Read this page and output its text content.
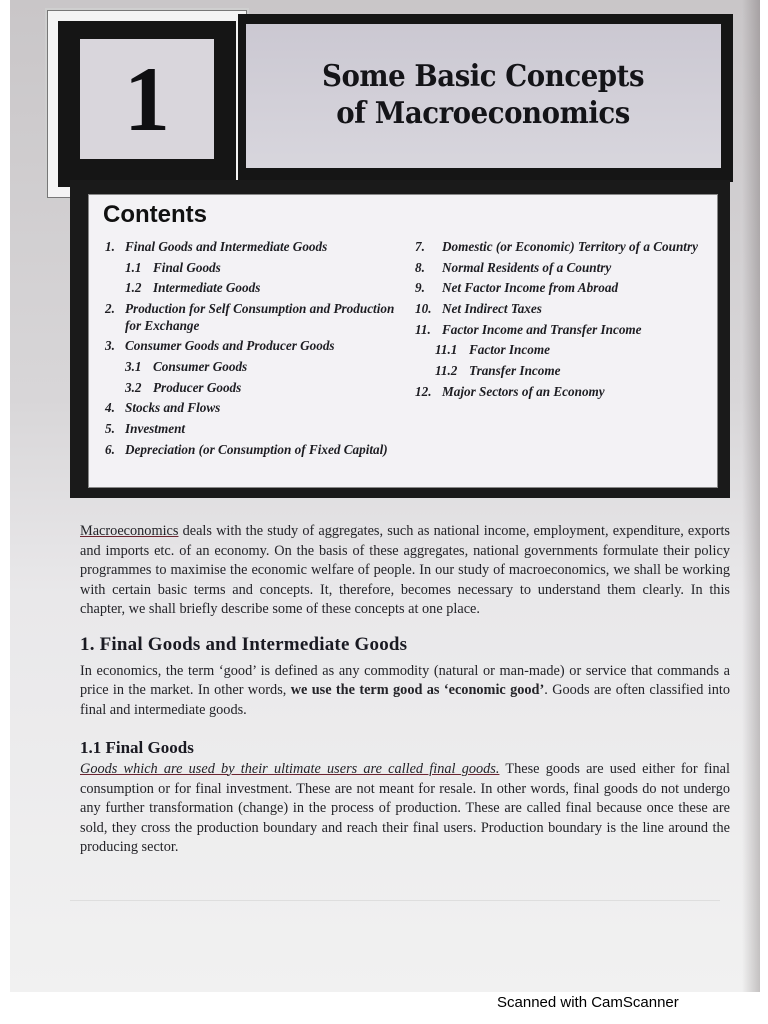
1	Some Basic Concepts
of Macroeconomics
Contents
1. Final Goods and Intermediate Goods
1.1 Final Goods
1.2 Intermediate Goods
2. Production for Self Consumption and Production for Exchange
3. Consumer Goods and Producer Goods
3.1 Consumer Goods
3.2 Producer Goods
4. Stocks and Flows
5. Investment
6. Depreciation (or Consumption of Fixed Capital)
7.	Domestic (or Economic) Territory of a Country
8.	Normal Residents of a Country
9.	Net Factor Income from Abroad
10. Net Indirect Taxes
11. Factor Income and Transfer Income
11.1 Factor Income
11.2 Transfer Income
12. Major Sectors of an Economy

Macroeconomics deals with the study of aggregates, such as national income, employment, expenditure, exports and imports etc. of an economy. On the basis of these aggregates, national governments formulate their policy programmes to maximise the economic welfare of people. In our study of macroeconomics, we shall be working with certain basic terms and concepts. It, therefore, becomes necessary to understand them clearly. In this chapter, we shall briefly describe some of these concepts at one place.

1. Final Goods and Intermediate Goods

In economics, the term ‘good’ is defined as any commodity (natural or man-made) or service that commands a price in the market. In other words, we use the term good as ‘economic good’. Goods are often classified into final and intermediate goods.

1.1 Final Goods

Goods which are used by their ultimate users are called final goods. These goods are used either for final consumption or for final investment. These are not meant for resale. In other words, final goods do not undergo any further transformation (change) in the process of production. These are called final because once these are sold, they cross the production boundary and reach their final users. Production boundary is the line around the producing sector.

Scanned with CamScanner
